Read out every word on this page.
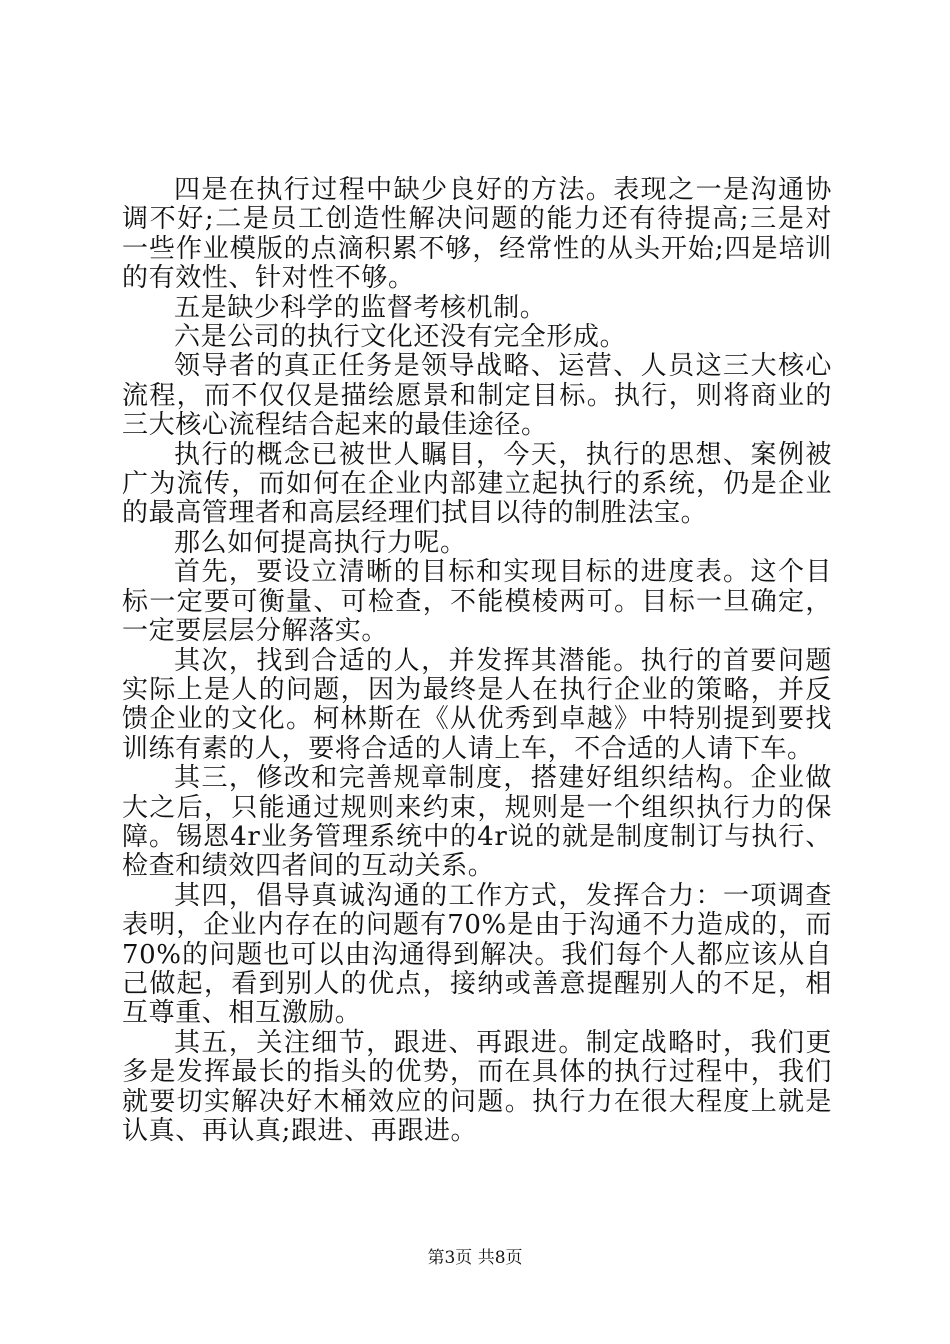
四是在执行过程中缺少良好的方法。表现之一是沟通协调不好;二是员工创造性解决问题的能力还有待提高;三是对一些作业模版的点滴积累不够，经常性的从头开始;四是培训的有效性、针对性不够。

五是缺少科学的监督考核机制。

六是公司的执行文化还没有完全形成。

领导者的真正任务是领导战略、运营、人员这三大核心流程，而不仅仅是描绘愿景和制定目标。执行，则将商业的三大核心流程结合起来的最佳途径。

执行的概念已被世人瞩目，今天，执行的思想、案例被广为流传，而如何在企业内部建立起执行的系统，仍是企业的最高管理者和高层经理们拭目以待的制胜法宝。

那么如何提高执行力呢。

首先，要设立清晰的目标和实现目标的进度表。这个目标一定要可衡量、可检查，不能模棱两可。目标一旦确定，一定要层层分解落实。

其次，找到合适的人，并发挥其潜能。执行的首要问题实际上是人的问题，因为最终是人在执行企业的策略，并反馈企业的文化。柯林斯在《从优秀到卓越》中特别提到要找训练有素的人，要将合适的人请上车，不合适的人请下车。

其三，修改和完善规章制度，搭建好组织结构。企业做大之后，只能通过规则来约束，规则是一个组织执行力的保障。锡恩4r业务管理系统中的4r说的就是制度制订与执行、检查和绩效四者间的互动关系。

其四，倡导真诚沟通的工作方式，发挥合力：一项调查表明，企业内存在的问题有70%是由于沟通不力造成的，而70%的问题也可以由沟通得到解决。我们每个人都应该从自己做起，看到别人的优点，接纳或善意提醒别人的不足，相互尊重、相互激励。

其五，关注细节，跟进、再跟进。制定战略时，我们更多是发挥最长的指头的优势，而在具体的执行过程中，我们就要切实解决好木桶效应的问题。执行力在很大程度上就是认真、再认真;跟进、再跟进。

第3页 共8页
